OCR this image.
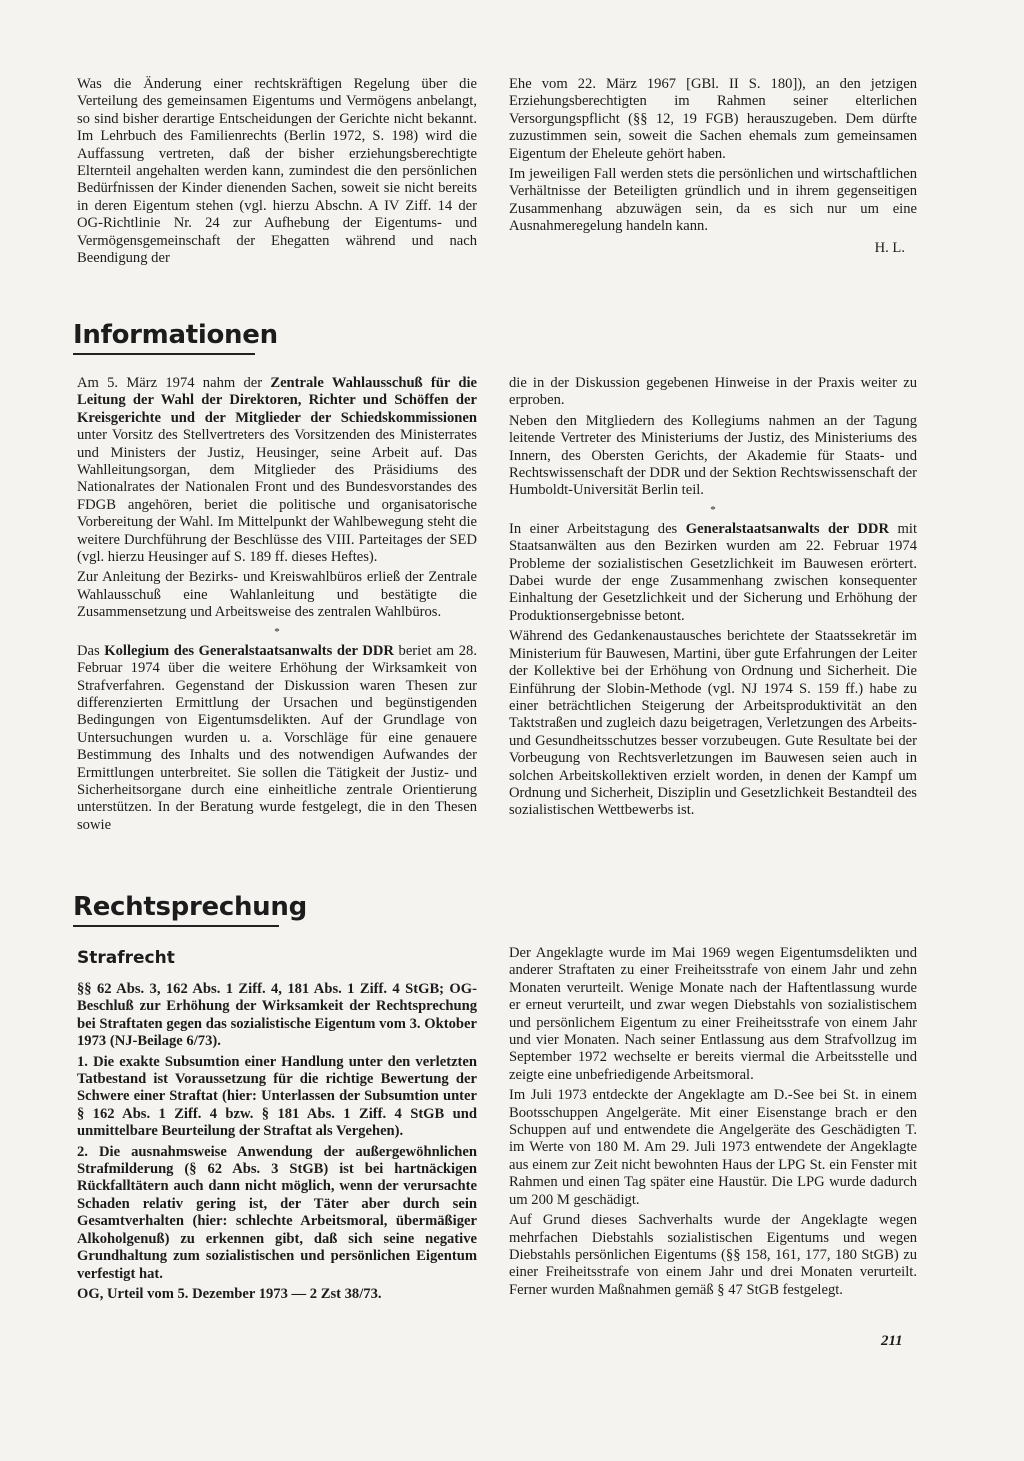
Was die Änderung einer rechtskräftigen Regelung über die Verteilung des gemeinsamen Eigentums und Vermögens anbelangt, so sind bisher derartige Entscheidungen der Gerichte nicht bekannt. Im Lehrbuch des Familienrechts (Berlin 1972, S. 198) wird die Auffassung vertreten, daß der bisher erziehungsberechtigte Elternteil angehalten werden kann, zumindest die den persönlichen Bedürfnissen der Kinder dienenden Sachen, soweit sie nicht bereits in deren Eigentum stehen (vgl. hierzu Abschn. A IV Ziff. 14 der OG-Richtlinie Nr. 24 zur Aufhebung der Eigentums- und Vermögensgemeinschaft der Ehegatten während und nach Beendigung der

Ehe vom 22. März 1967 [GBl. II S. 180]), an den jetzigen Erziehungsberechtigten im Rahmen seiner elterlichen Versorgungspflicht (§§ 12, 19 FGB) herauszugeben. Dem dürfte zuzustimmen sein, soweit die Sachen ehemals zum gemeinsamen Eigentum der Eheleute gehört haben.

Im jeweiligen Fall werden stets die persönlichen und wirtschaftlichen Verhältnisse der Beteiligten gründlich und in ihrem gegenseitigen Zusammenhang abzuwägen sein, da es sich nur um eine Ausnahmeregelung handeln kann.

H. L.
Informationen

Am 5. März 1974 nahm der Zentrale Wahlausschuß für die Leitung der Wahl der Direktoren, Richter und Schöffen der Kreisgerichte und der Mitglieder der Schiedskommissionen unter Vorsitz des Stellvertreters des Vorsitzenden des Ministerrates und Ministers der Justiz, Heusinger, seine Arbeit auf. Das Wahlleitungsorgan, dem Mitglieder des Präsidiums des Nationalrates der Nationalen Front und des Bundesvorstandes des FDGB angehören, beriet die politische und organisatorische Vorbereitung der Wahl. Im Mittelpunkt der Wahlbewegung steht die weitere Durchführung der Beschlüsse des VIII. Parteitages der SED (vgl. hierzu Heusinger auf S. 189 ff. dieses Heftes).

Zur Anleitung der Bezirks- und Kreiswahlbüros erließ der Zentrale Wahlausschuß eine Wahlanleitung und bestätigte die Zusammensetzung und Arbeitsweise des zentralen Wahlbüros.

*

Das Kollegium des Generalstaatsanwalts der DDR beriet am 28. Februar 1974 über die weitere Erhöhung der Wirksamkeit von Strafverfahren. Gegenstand der Diskussion waren Thesen zur differenzierten Ermittlung der Ursachen und begünstigenden Bedingungen von Eigentumsdelikten. Auf der Grundlage von Untersuchungen wurden u. a. Vorschläge für eine genauere Bestimmung des Inhalts und des notwendigen Aufwandes der Ermittlungen unterbreitet. Sie sollen die Tätigkeit der Justiz- und Sicherheitsorgane durch eine einheitliche zentrale Orientierung unterstützen. In der Beratung wurde festgelegt, die in den Thesen sowie

die in der Diskussion gegebenen Hinweise in der Praxis weiter zu erproben.

Neben den Mitgliedern des Kollegiums nahmen an der Tagung leitende Vertreter des Ministeriums der Justiz, des Ministeriums des Innern, des Obersten Gerichts, der Akademie für Staats- und Rechtswissenschaft der DDR und der Sektion Rechtswissenschaft der Humboldt-Universität Berlin teil.

*

In einer Arbeitstagung des Generalstaatsanwalts der DDR mit Staatsanwälten aus den Bezirken wurden am 22. Februar 1974 Probleme der sozialistischen Gesetzlichkeit im Bauwesen erörtert. Dabei wurde der enge Zusammenhang zwischen konsequenter Einhaltung der Gesetzlichkeit und der Sicherung und Erhöhung der Produktionsergebnisse betont.

Während des Gedankenaustausches berichtete der Staatssekretär im Ministerium für Bauwesen, Martini, über gute Erfahrungen der Leiter der Kollektive bei der Erhöhung von Ordnung und Sicherheit. Die Einführung der Slobin-Methode (vgl. NJ 1974 S. 159 ff.) habe zu einer beträchtlichen Steigerung der Arbeitsproduktivität an den Taktstraßen und zugleich dazu beigetragen, Verletzungen des Arbeits- und Gesundheitsschutzes besser vorzubeugen. Gute Resultate bei der Vorbeugung von Rechtsverletzungen im Bauwesen seien auch in solchen Arbeitskollektiven erzielt worden, in denen der Kampf um Ordnung und Sicherheit, Disziplin und Gesetzlichkeit Bestandteil des sozialistischen Wettbewerbs ist.

Rechtsprechung
Strafrecht

§§ 62 Abs. 3, 162 Abs. 1 Ziff. 4, 181 Abs. 1 Ziff. 4 StGB; OG-Beschluß zur Erhöhung der Wirksamkeit der Rechtsprechung bei Straftaten gegen das sozialistische Eigentum vom 3. Oktober 1973 (NJ-Beilage 6/73).

1. Die exakte Subsumtion einer Handlung unter den verletzten Tatbestand ist Voraussetzung für die richtige Bewertung der Schwere einer Straftat (hier: Unterlassen der Subsumtion unter § 162 Abs. 1 Ziff. 4 bzw. § 181 Abs. 1 Ziff. 4 StGB und unmittelbare Beurteilung der Straftat als Vergehen).

2. Die ausnahmsweise Anwendung der außergewöhnlichen Strafmilderung (§ 62 Abs. 3 StGB) ist bei hartnäckigen Rückfalltätern auch dann nicht möglich, wenn der verursachte Schaden relativ gering ist, der Täter aber durch sein Gesamtverhalten (hier: schlechte Arbeitsmoral, übermäßiger Alkoholgenuß) zu erkennen gibt, daß sich seine negative Grundhaltung zum sozialistischen und persönlichen Eigentum verfestigt hat.

OG, Urteil vom 5. Dezember 1973 — 2 Zst 38/73.

Der Angeklagte wurde im Mai 1969 wegen Eigentumsdelikten und anderer Straftaten zu einer Freiheitsstrafe von einem Jahr und zehn Monaten verurteilt. Wenige Monate nach der Haftentlassung wurde er erneut verurteilt, und zwar wegen Diebstahls von sozialistischem und persönlichem Eigentum zu einer Freiheitsstrafe von einem Jahr und vier Monaten. Nach seiner Entlassung aus dem Strafvollzug im September 1972 wechselte er bereits viermal die Arbeitsstelle und zeigte eine unbefriedigende Arbeitsmoral.

Im Juli 1973 entdeckte der Angeklagte am D.-See bei St. in einem Bootsschuppen Angelgeräte. Mit einer Eisenstange brach er den Schuppen auf und entwendete die Angelgeräte des Geschädigten T. im Werte von 180 M. Am 29. Juli 1973 entwendete der Angeklagte aus einem zur Zeit nicht bewohnten Haus der LPG St. ein Fenster mit Rahmen und einen Tag später eine Haustür. Die LPG wurde dadurch um 200 M geschädigt.

Auf Grund dieses Sachverhalts wurde der Angeklagte wegen mehrfachen Diebstahls sozialistischen Eigentums und wegen Diebstahls persönlichen Eigentums (§§ 158, 161, 177, 180 StGB) zu einer Freiheitsstrafe von einem Jahr und drei Monaten verurteilt. Ferner wurden Maßnahmen gemäß § 47 StGB festgelegt.

211
